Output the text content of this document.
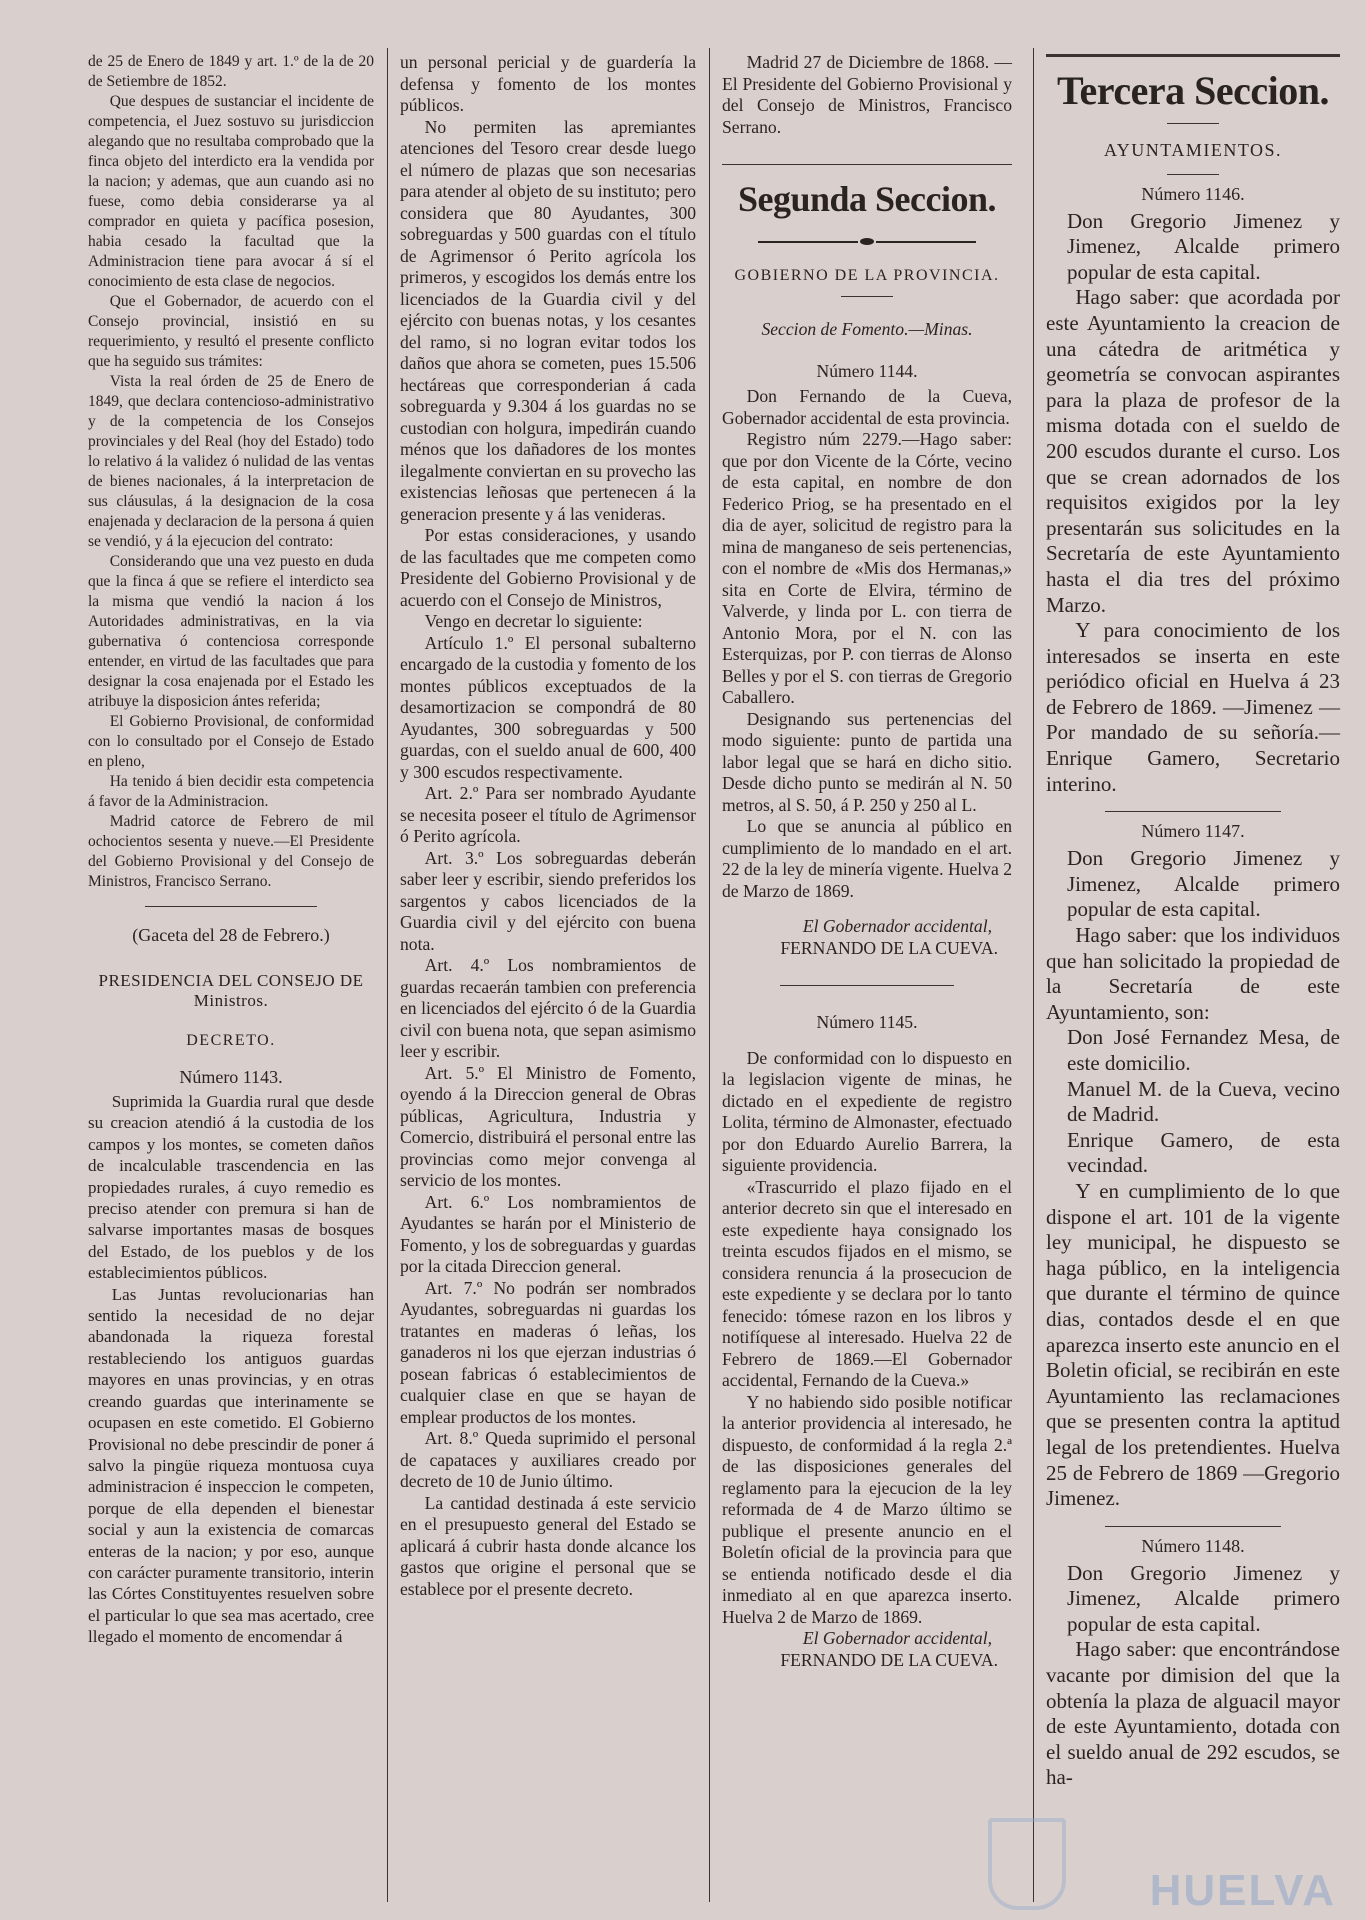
de 25 de Enero de 1849 y art. 1.º de la de 20 de Setiembre de 1852.

Que despues de sustanciar el incidente de competencia, el Juez sostuvo su jurisdiccion alegando que no resultaba comprobado que la finca objeto del interdicto era la vendida por la nacion; y ademas, que aun cuando asi no fuese, como debia considerarse ya al comprador en quieta y pacífica posesion, habia cesado la facultad que la Administracion tiene para avocar á sí el conocimiento de esta clase de negocios.

Que el Gobernador, de acuerdo con el Consejo provincial, insistió en su requerimiento, y resultó el presente conflicto que ha seguido sus trámites:

Vista la real órden de 25 de Enero de 1849, que declara contencioso-administrativo y de la competencia de los Consejos provinciales y del Real (hoy del Estado) todo lo relativo á la validez ó nulidad de las ventas de bienes nacionales, á la interpretacion de sus cláusulas, á la designacion de la cosa enajenada y declaracion de la persona á quien se vendió, y á la ejecucion del contrato:

Considerando que una vez puesto en duda que la finca á que se refiere el interdicto sea la misma que vendió la nacion á los Autoridades administrativas, en la via gubernativa ó contenciosa corresponde entender, en virtud de las facultades que para designar la cosa enajenada por el Estado les atribuye la disposicion ántes referida;

El Gobierno Provisional, de conformidad con lo consultado por el Consejo de Estado en pleno,

Ha tenido á bien decidir esta competencia á favor de la Administracion.

Madrid catorce de Febrero de mil ochocientos sesenta y nueve.—El Presidente del Gobierno Provisional y del Consejo de Ministros, Francisco Serrano.

(Gaceta del 28 de Febrero.)

PRESIDENCIA DEL CONSEJO DE Ministros.

DECRETO.

Número 1143.

Suprimida la Guardia rural que desde su creacion atendió á la custodia de los campos y los montes, se cometen daños de incalculable trascendencia en las propiedades rurales, á cuyo remedio es preciso atender con premura si han de salvarse importantes masas de bosques del Estado, de los pueblos y de los establecimientos públicos.

Las Juntas revolucionarias han sentido la necesidad de no dejar abandonada la riqueza forestal restableciendo los antiguos guardas mayores en unas provincias, y en otras creando guardas que interinamente se ocupasen en este cometido. El Gobierno Provisional no debe prescindir de poner á salvo la pingüe riqueza montuosa cuya administracion é inspeccion le competen, porque de ella dependen el bienestar social y aun la existencia de comarcas enteras de la nacion; y por eso, aunque con carácter puramente transitorio, interin las Córtes Constituyentes resuelven sobre el particular lo que sea mas acertado, cree llegado el momento de encomendar á

un personal pericial y de guardería la defensa y fomento de los montes públicos.

No permiten las apremiantes atenciones del Tesoro crear desde luego el número de plazas que son necesarias para atender al objeto de su instituto; pero considera que 80 Ayudantes, 300 sobreguardas y 500 guardas con el título de Agrimensor ó Perito agrícola los primeros, y escogidos los demás entre los licenciados de la Guardia civil y del ejército con buenas notas, y los cesantes del ramo, si no logran evitar todos los daños que ahora se cometen, pues 15.506 hectáreas que corresponderian á cada sobreguarda y 9.304 á los guardas no se custodian con holgura, impedirán cuando ménos que los dañadores de los montes ilegalmente conviertan en su provecho las existencias leñosas que pertenecen á la generacion presente y á las venideras.

Por estas consideraciones, y usando de las facultades que me competen como Presidente del Gobierno Provisional y de acuerdo con el Consejo de Ministros,

Vengo en decretar lo siguiente:

Artículo 1.º El personal subalterno encargado de la custodia y fomento de los montes públicos exceptuados de la desamortizacion se compondrá de 80 Ayudantes, 300 sobreguardas y 500 guardas, con el sueldo anual de 600, 400 y 300 escudos respectivamente.

Art. 2.º Para ser nombrado Ayudante se necesita poseer el título de Agrimensor ó Perito agrícola.

Art. 3.º Los sobreguardas deberán saber leer y escribir, siendo preferidos los sargentos y cabos licenciados de la Guardia civil y del ejército con buena nota.

Art. 4.º Los nombramientos de guardas recaerán tambien con preferencia en licenciados del ejército ó de la Guardia civil con buena nota, que sepan asimismo leer y escribir.

Art. 5.º El Ministro de Fomento, oyendo á la Direccion general de Obras públicas, Agricultura, Industria y Comercio, distribuirá el personal entre las provincias como mejor convenga al servicio de los montes.

Art. 6.º Los nombramientos de Ayudantes se harán por el Ministerio de Fomento, y los de sobreguardas y guardas por la citada Direccion general.

Art. 7.º No podrán ser nombrados Ayudantes, sobreguardas ni guardas los tratantes en maderas ó leñas, los ganaderos ni los que ejerzan industrias ó posean fabricas ó establecimientos de cualquier clase en que se hayan de emplear productos de los montes.

Art. 8.º Queda suprimido el personal de capataces y auxiliares creado por decreto de 10 de Junio último.

La cantidad destinada á este servicio en el presupuesto general del Estado se aplicará á cubrir hasta donde alcance los gastos que origine el personal que se establece por el presente decreto.

Madrid 27 de Diciembre de 1868. —El Presidente del Gobierno Provisional y del Consejo de Ministros, Francisco Serrano.

Segunda Seccion.

GOBIERNO DE LA PROVINCIA.

Seccion de Fomento.—Minas.

Número 1144.

Don Fernando de la Cueva, Gobernador accidental de esta provincia.

Registro núm 2279.—Hago saber: que por don Vicente de la Córte, vecino de esta capital, en nombre de don Federico Priog, se ha presentado en el dia de ayer, solicitud de registro para la mina de manganeso de seis pertenencias, con el nombre de «Mis dos Hermanas,» sita en Corte de Elvira, término de Valverde, y linda por L. con tierra de Antonio Mora, por el N. con las Esterquizas, por P. con tierras de Alonso Belles y por el S. con tierras de Gregorio Caballero.

Designando sus pertenencias del modo siguiente: punto de partida una labor legal que se hará en dicho sitio. Desde dicho punto se medirán al N. 50 metros, al S. 50, á P. 250 y 250 al L.

Lo que se anuncia al público en cumplimiento de lo mandado en el art. 22 de la ley de minería vigente. Huelva 2 de Marzo de 1869.

El Gobernador accidental,

FERNANDO DE LA CUEVA.

Número 1145.

De conformidad con lo dispuesto en la legislacion vigente de minas, he dictado en el expediente de registro Lolita, término de Almonaster, efectuado por don Eduardo Aurelio Barrera, la siguiente providencia.

«Trascurrido el plazo fijado en el anterior decreto sin que el interesado en este expediente haya consignado los treinta escudos fijados en el mismo, se considera renuncia á la prosecucion de este expediente y se declara por lo tanto fenecido: tómese razon en los libros y notifíquese al interesado. Huelva 22 de Febrero de 1869.—El Gobernador accidental, Fernando de la Cueva.»

Y no habiendo sido posible notificar la anterior providencia al interesado, he dispuesto, de conformidad á la regla 2.ª de las disposiciones generales del reglamento para la ejecucion de la ley reformada de 4 de Marzo último se publique el presente anuncio en el Boletín oficial de la provincia para que se entienda notificado desde el dia inmediato al en que aparezca inserto. Huelva 2 de Marzo de 1869.

El Gobernador accidental,

FERNANDO DE LA CUEVA.

Tercera Seccion.

AYUNTAMIENTOS.

Número 1146.

Don Gregorio Jimenez y Jimenez, Alcalde primero popular de esta capital.

Hago saber: que acordada por este Ayuntamiento la creacion de una cátedra de aritmética y geometría se convocan aspirantes para la plaza de profesor de la misma dotada con el sueldo de 200 escudos durante el curso. Los que se crean adornados de los requisitos exigidos por la ley presentarán sus solicitudes en la Secretaría de este Ayuntamiento hasta el dia tres del próximo Marzo.

Y para conocimiento de los interesados se inserta en este periódico oficial en Huelva á 23 de Febrero de 1869. —Jimenez —Por mandado de su señoría.—Enrique Gamero, Secretario interino.

Número 1147.

Don Gregorio Jimenez y Jimenez, Alcalde primero popular de esta capital.

Hago saber: que los individuos que han solicitado la propiedad de la Secretaría de este Ayuntamiento, son:

Don José Fernandez Mesa, de este domicilio.

Manuel M. de la Cueva, vecino de Madrid.

Enrique Gamero, de esta vecindad.

Y en cumplimiento de lo que dispone el art. 101 de la vigente ley municipal, he dispuesto se haga público, en la inteligencia que durante el término de quince dias, contados desde el en que aparezca inserto este anuncio en el Boletin oficial, se recibirán en este Ayuntamiento las reclamaciones que se presenten contra la aptitud legal de los pretendientes. Huelva 25 de Febrero de 1869 —Gregorio Jimenez.

Número 1148.

Don Gregorio Jimenez y Jimenez, Alcalde primero popular de esta capital.

Hago saber: que encontrándose vacante por dimision del que la obtenía la plaza de alguacil mayor de este Ayuntamiento, dotada con el sueldo anual de 292 escudos, se ha-

HUELVA
